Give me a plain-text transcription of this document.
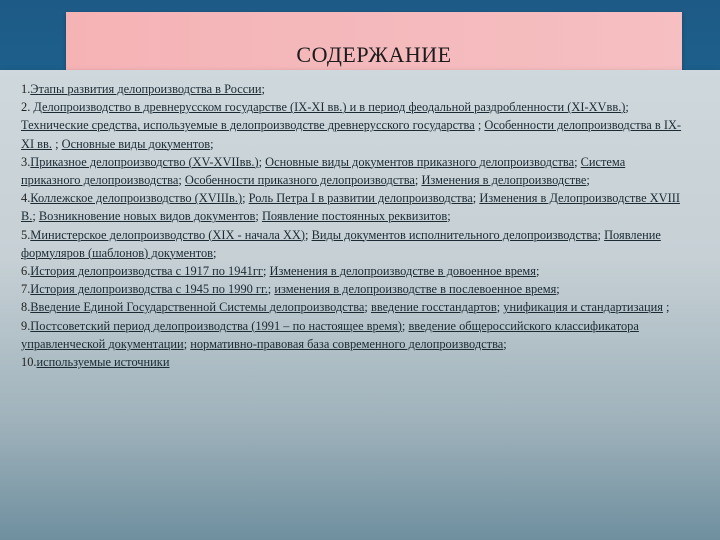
СОДЕРЖАНИЕ
1.Этапы развития делопроизводства в России;
2. Делопроизводство в древнерусском государстве (IX-XI вв.) и в период феодальной раздробленности (XI-XVвв.); Технические средства, используемые в делопроизводстве древнерусского государства ; Особенности делопроизводства в IX-XI вв. ; Основные виды документов;
3.Приказное делопроизводство (XV-XVIIвв.); Основные виды документов приказного делопроизводства; Система приказного делопроизводства; Особенности приказного делопроизводства; Изменения в делопроизводстве;
4.Коллежское делопроизводство (XVIIIв.); Роль Петра I в развитии делопроизводства; Изменения в Делопроизводстве XVIII В.; Возникновение новых видов документов; Появление постоянных реквизитов;
5.Министерское делопроизводство (XIX - начала XX); Виды документов исполнительного делопроизводства; Появление формуляров (шаблонов) документов;
6.История делопроизводства с 1917 по 1941гг; Изменения в делопроизводстве в довоенное время;
7.История делопроизводства с 1945 по 1990 гг.; изменения в делопроизводстве в послевоенное время;
8.Введение Единой Государственной Системы делопроизводства; введение госстандартов; унификация и стандартизация ;
9.Постсоветский период делопроизводства (1991 – по настоящее время); введение общероссийского классификатора управленческой документации; нормативно-правовая база современного делопроизводства;
10.используемые источники
